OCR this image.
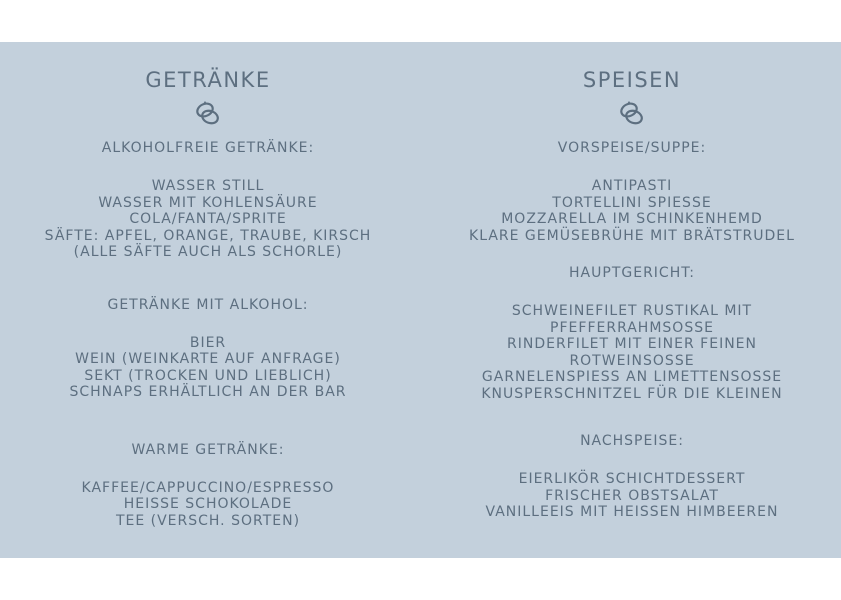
GETRÄNKE
ALKOHOLFREIE GETRÄNKE:
WASSER STILL
WASSER MIT KOHLENSÄURE
COLA/FANTA/SPRITE
SÄFTE: APFEL, ORANGE, TRAUBE, KIRSCH
(ALLE SÄFTE AUCH ALS SCHORLE)
GETRÄNKE MIT ALKOHOL:
BIER
WEIN (WEINKARTE AUF ANFRAGE)
SEKT (TROCKEN UND LIEBLICH)
SCHNAPS ERHÄLTLICH AN DER BAR
WARME GETRÄNKE:
KAFFEE/CAPPUCCINO/ESPRESSO
HEISSE SCHOKOLADE
TEE (VERSCH. SORTEN)
SPEISEN
VORSPEISE/SUPPE:
ANTIPASTI
TORTELLINI SPIESSE
MOZZARELLA IM SCHINKENHEMD
KLARE GEMÜSEBRÜHE MIT BRÄTSTRUDEL
HAUPTGERICHT:
SCHWEINEFILET RUSTIKAL MIT
PFEFFERRAHMSOSSE
RINDERFILET MIT EINER FEINEN
ROTWEINSOSSE
GARNELENSPIESS AN LIMETTENSOSSE
KNUSPERSCHNITZEL FÜR DIE KLEINEN
NACHSPEISE:
EIERLIKÖR SCHICHTDESSERT
FRISCHER OBSTSALAT
VANILLEEIS MIT HEISSEN HIMBEEREN
